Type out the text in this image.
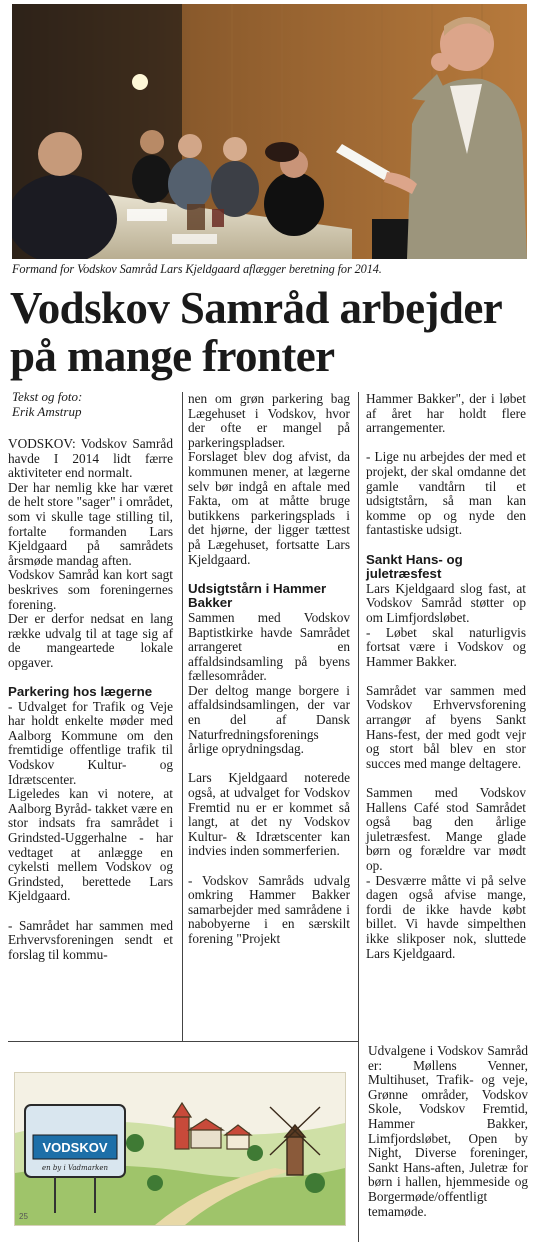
Formand for Vodskov Samråd Lars Kjeldgaard aflægger beretning for 2014.
Vodskov Samråd arbejder på mange fronter
Tekst og foto:
Erik Amstrup

VODSKOV: Vodskov Samråd havde I 2014 lidt færre aktiviteter end normalt.

Der har nemlig kke har været de helt store "sager" i området, som vi skulle tage stilling til, fortalte formanden Lars Kjeldgaard på samrådets årsmøde mandag aften.

Vodskov Samråd kan kort sagt beskrives som foreningernes forening.

Der er derfor nedsat en lang række udvalg til at tage sig af de mangeartede lokale opgaver.

Parkering hos lægerne

- Udvalget for Trafik og Veje har holdt enkelte møder med Aalborg Kommune om den fremtidige offentlige trafik til Vodskov Kultur- og Idrætscenter.

Ligeledes kan vi notere, at Aalborg Byråd- takket være en stor indsats fra samrådet i Grindsted-Uggerhalne - har vedtaget at anlægge en cykelsti mellem Vodskov og Grindsted, berettede Lars Kjeldgaard.

- Samrådet har sammen med Erhvervsforeningen sendt et forslag til kommu-

nen om grøn parkering bag Lægehuset i Vodskov, hvor der ofte er mangel på parkeringspladser.

Forslaget blev dog afvist, da kommunen mener, at lægerne selv bør indgå en aftale med Fakta, om at måtte bruge butikkens parkeringsplads i det hjørne, der ligger tættest på Lægehuset, fortsatte Lars Kjeldgaard.

Udsigtstårn i Hammer
Bakker

Sammen med Vodskov Baptistkirke havde Samrådet arrangeret en affaldsindsamling på byens fællesområder.

Der deltog mange borgere i affaldsindsamlingen, der var en del af Dansk Naturfredningsforenings årlige oprydningsdag.

Lars Kjeldgaard noterede også, at udvalget for Vodskov Fremtid nu er er kommet så langt, at det ny Vodskov Kultur- & Idrætscenter kan indvies inden sommerferien.

- Vodskov Samråds udvalg omkring Hammer Bakker samarbejder med samrådene i nabobyerne i en særskilt forening "Projekt

Hammer Bakker", der i løbet af året har holdt flere arrangementer.

- Lige nu arbejdes der med et projekt, der skal omdanne det gamle vandtårn til et udsigtstårn, så man kan komme op og nyde den fantastiske udsigt.

Sankt Hans- og
juletræsfest

Lars Kjeldgaard slog fast, at Vodskov Samråd støtter op om Limfjordsløbet.

- Løbet skal naturligvis fortsat være i Vodskov og Hammer Bakker.

Samrådet var sammen med Vodskov Erhvervsforening arrangør af byens Sankt Hans-fest, der med godt vejr og stort bål blev en stor succes med mange deltagere.

Sammen med Vodskov Hallens Café stod Samrådet også bag den årlige juletræsfest. Mange glade børn og forældre var mødt op.

- Desværre måtte vi på selve dagen også afvise mange, fordi de ikke havde købt billet. Vi havde simpelthen ikke slikposer nok, sluttede Lars Kjeldgaard.

Udvalgene i Vodskov Samråd er: Møllens Venner, Multihuset, Trafik- og veje, Grønne områder, Vodskov Skole, Vodskov Fremtid, Hammer Bakker, Limfjordsløbet, Open by Night, Diverse foreninger, Sankt Hans-aften, Juletræ for børn i hallen, hjemmeside og Borgermøde/offentligt temamøde.

VODSKOV
en by i Vadmarken
25
